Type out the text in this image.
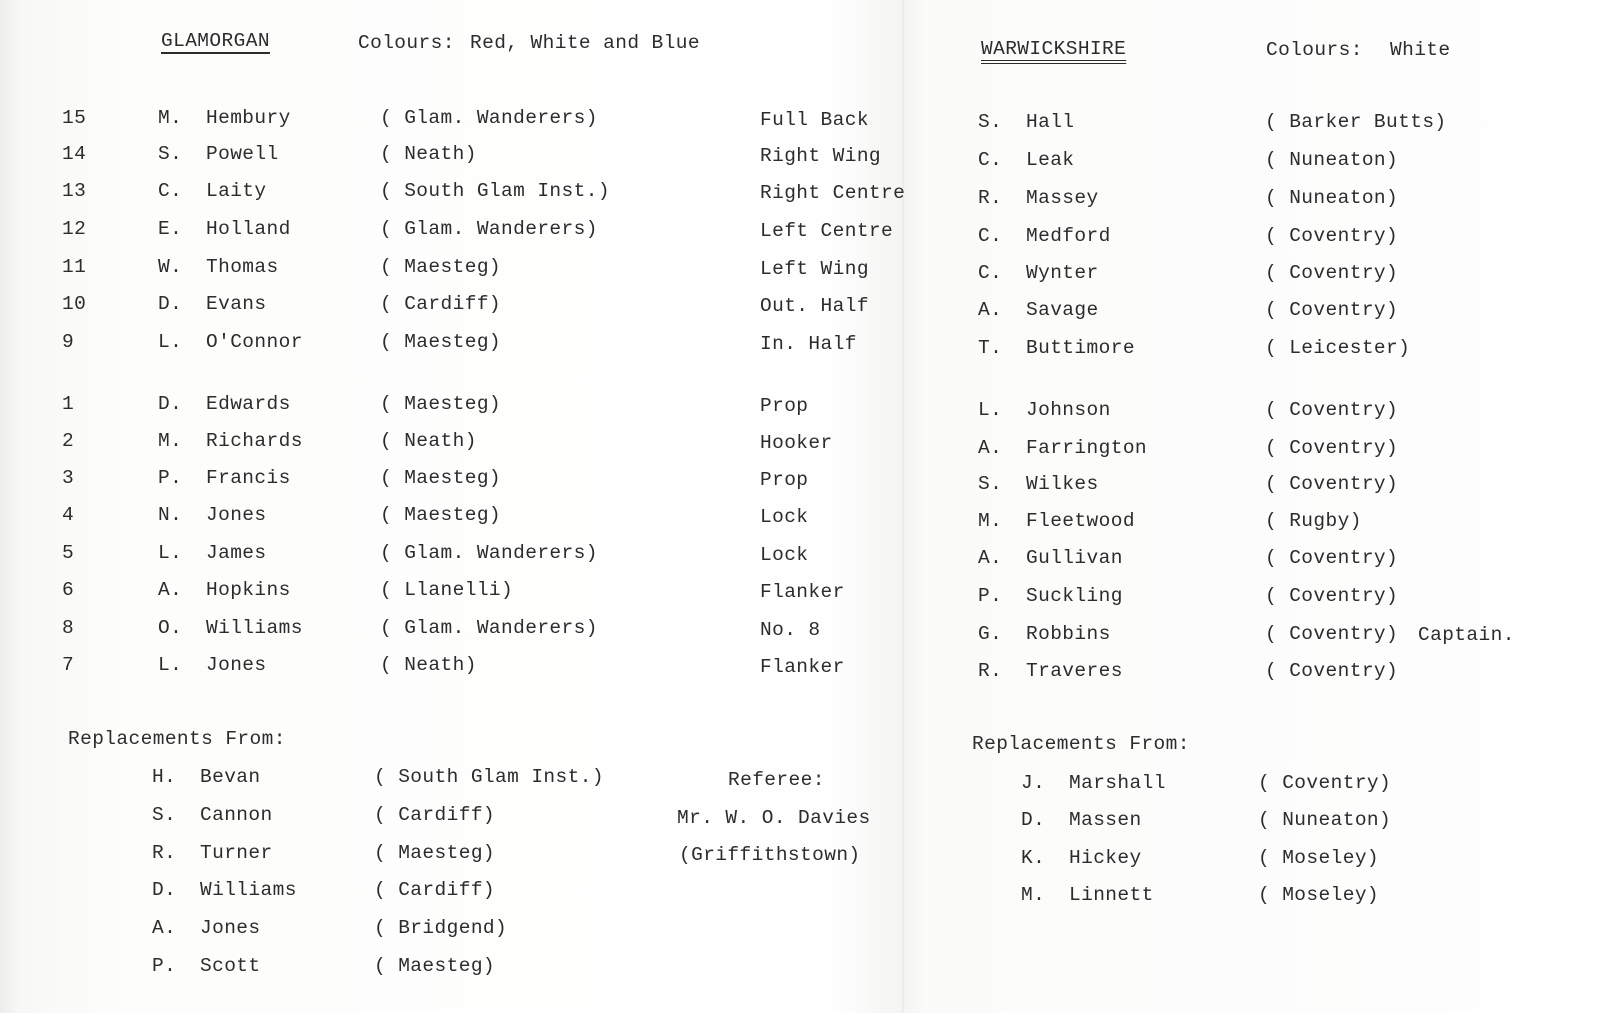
GLAMORGAN	Colours: Red, White and Blue	WARWICKSHIRE	Colours: White
15	M. Hembury	( Glam. Wanderers)	Full Back
14	S. Powell	( Neath)	Right Wing
13	C. Laity	( South Glam Inst.)	Right Centre
12	E. Holland	( Glam. Wanderers)	Left Centre
11	W. Thomas	( Maesteg)	Left Wing
10	D. Evans	( Cardiff)	Out. Half
9	L. O'Connor	( Maesteg)	In. Half
1	D. Edwards	( Maesteg)	Prop
2	M. Richards	( Neath)	Hooker
3	P. Francis	( Maesteg)	Prop
4	N. Jones	( Maesteg)	Lock
5	L. James	( Glam. Wanderers)	Lock
6	A. Hopkins	( Llanelli)	Flanker
8	O. Williams	( Glam. Wanderers)	No. 8
7	L. Jones	( Neath)	Flanker
S. Hall	( Barker Butts)
C. Leak	( Nuneaton)
R. Massey	( Nuneaton)
C. Medford	( Coventry)
C. Wynter	( Coventry)
A. Savage	( Coventry)
T. Buttimore	( Leicester)
L. Johnson	( Coventry)
A. Farrington	( Coventry)
S. Wilkes	( Coventry)
M. Fleetwood	( Rugby)
A. Gullivan	( Coventry)
P. Suckling	( Coventry)
G. Robbins	( Coventry) Captain.
R. Traveres	( Coventry)
Replacements From:
H. Bevan	( South Glam Inst.)
S. Cannon	( Cardiff)
R. Turner	( Maesteg)
D. Williams	( Cardiff)
A. Jones	( Bridgend)
P. Scott	( Maesteg)
Referee:
Mr. W. O. Davies
(Griffithstown)
Replacements From:
J. Marshall	( Coventry)
D. Massen	( Nuneaton)
K. Hickey	( Moseley)
M. Linnett	( Moseley)
